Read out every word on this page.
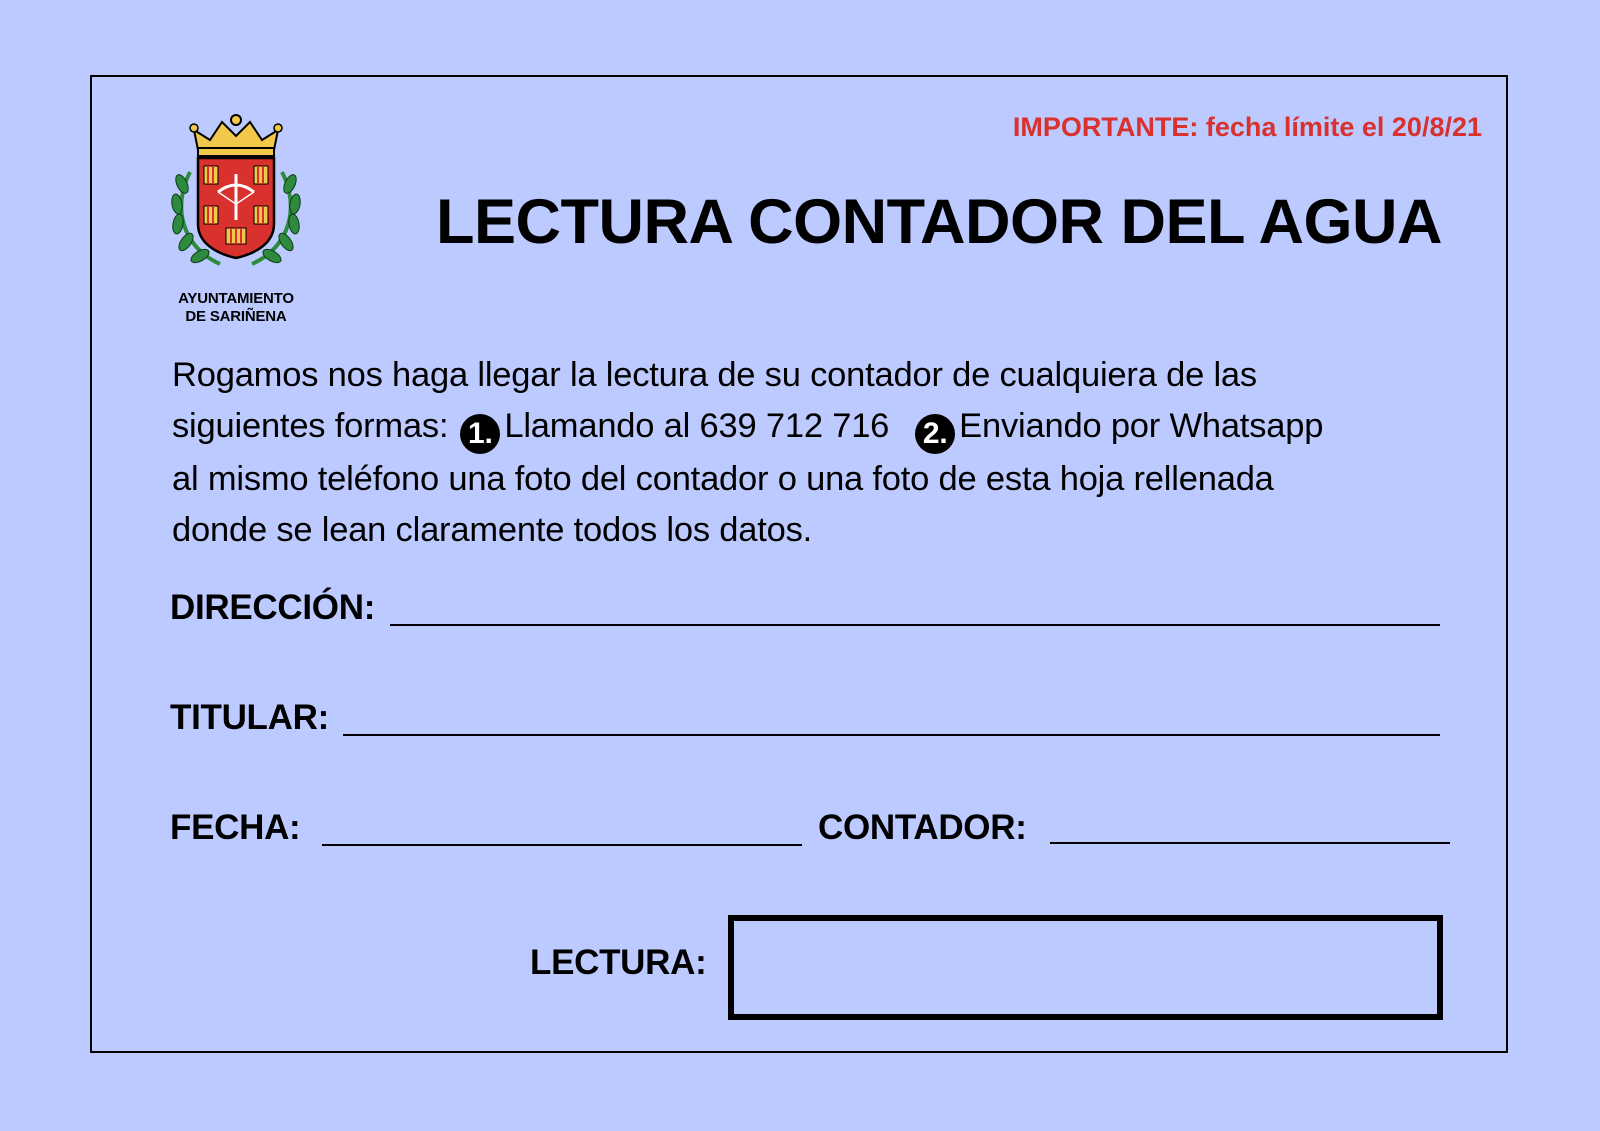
AYUNTAMIENTO
DE SARIÑENA
IMPORTANTE: fecha límite el 20/8/21
LECTURA CONTADOR DEL AGUA
Rogamos nos haga llegar la lectura de su contador de cualquiera de las
siguientes formas: 1. Llamando al 639 712 716 2. Enviando por Whatsapp
al mismo teléfono una foto del contador o una foto de esta hoja rellenada
donde se lean claramente todos los datos.
DIRECCIÓN:
TITULAR:
FECHA:	CONTADOR:
LECTURA:
